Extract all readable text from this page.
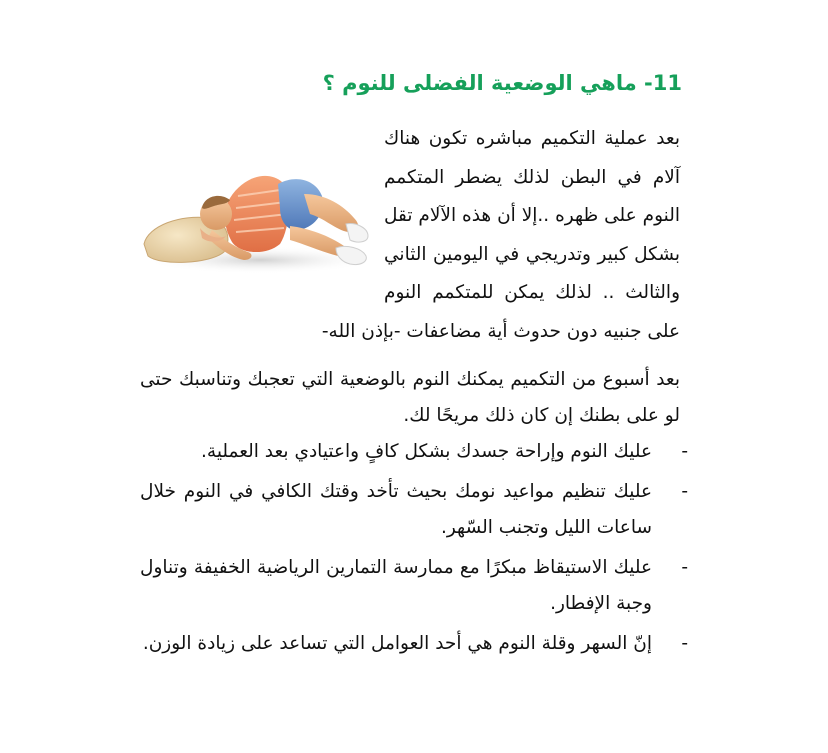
11- ماهي الوضعية الفضلى للنوم ؟
بعد عملية التكميم مباشره تكون هناك آلام في البطن لذلك يضطر المتكمم النوم على ظهره ..إلا أن هذه الآلام تقل بشكل كبير وتدريجي في اليومين الثاني والثالث .. لذلك يمكن للمتكمم النوم على جنبيه دون حدوث أية مضاعفات -بإذن الله-
بعد أسبوع من التكميم يمكنك النوم بالوضعية التي تعجبك وتناسبك حتى لو على بطنك إن كان ذلك مريحًا لك.
-
عليك النوم وإراحة جسدك بشكل كافٍ واعتيادي بعد العملية.
-
عليك تنظيم مواعيد نومك بحيث تأخد وقتك الكافي في النوم خلال ساعات الليل وتجنب السّهر.
-
عليك الاستيقاظ مبكرًا مع ممارسة التمارين الرياضية الخفيفة وتناول وجبة الإفطار.
-
إنّ السهر وقلة النوم هي أحد العوامل التي تساعد على زيادة الوزن.
